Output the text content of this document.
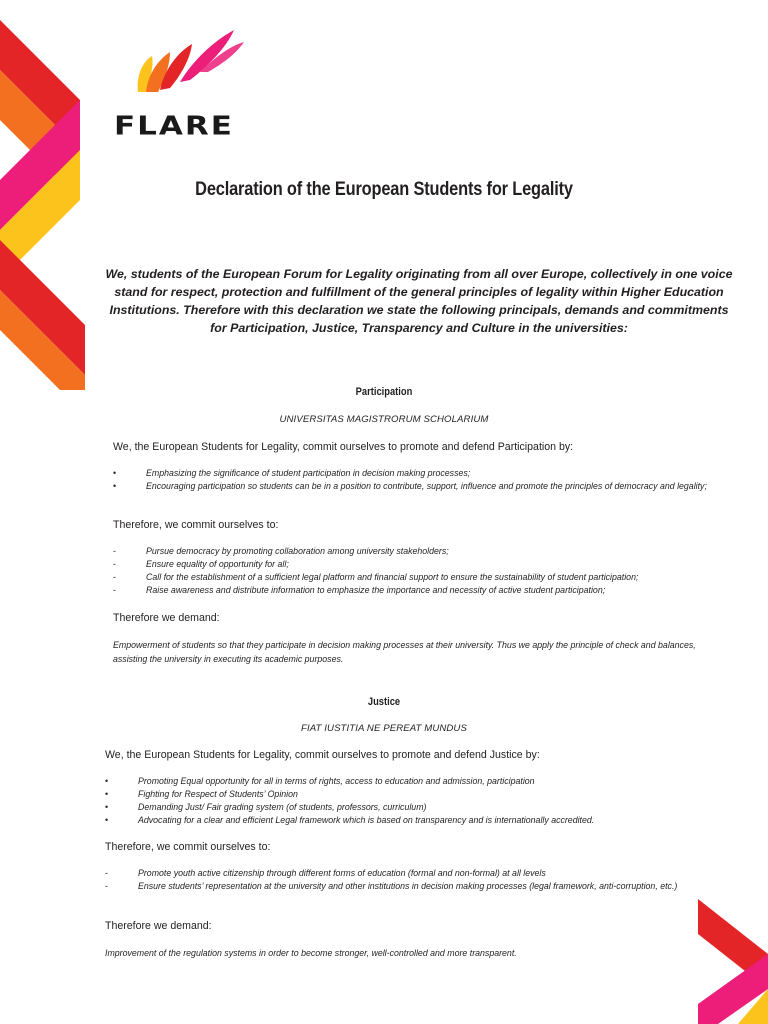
FLARE
Declaration of the European Students for Legality
We, students of the European Forum for Legality originating from all over Europe, collectively in one voice stand for respect, protection and fulfillment of the general principles of legality within Higher Education Institutions. Therefore with this declaration we state the following principals, demands and commitments for Participation, Justice, Transparency and Culture in the universities:
Participation
UNIVERSITAS MAGISTRORUM SCHOLARIUM
We, the European Students for Legality, commit ourselves to promote and defend Participation by:
•	Emphasizing the significance of student participation in decision making processes;
•	Encouraging participation so students can be in a position to contribute, support, influence and promote the principles of democracy and legality;
Therefore, we commit ourselves to:
-	Pursue democracy by promoting collaboration among university stakeholders;
-	Ensure equality of opportunity for all;
-	Call for the establishment of a sufficient legal platform and financial support to ensure the sustainability of student participation;
-	Raise awareness and distribute information to emphasize the importance and necessity of active student participation;
Therefore we demand:
Empowerment of students so that they participate in decision making processes at their university. Thus we apply the principle of check and balances, assisting the university in executing its academic purposes.
Justice
FIAT IUSTITIA NE PEREAT MUNDUS
We, the European Students for Legality, commit ourselves to promote and defend Justice by:
•	Promoting Equal opportunity for all in terms of rights, access to education and admission, participation
•	Fighting for Respect of Students’ Opinion
•	Demanding Just/ Fair grading system (of students, professors, curriculum)
•	Advocating for a clear and efficient Legal framework which is based on transparency and is internationally accredited.
Therefore, we commit ourselves to:
-	Promote youth active citizenship through different forms of education (formal and non-formal) at all levels
-	Ensure students’ representation at the university and other institutions in decision making processes (legal framework, anti-corruption, etc.)
Therefore we demand:
Improvement of the regulation systems in order to become stronger, well-controlled and more transparent.
